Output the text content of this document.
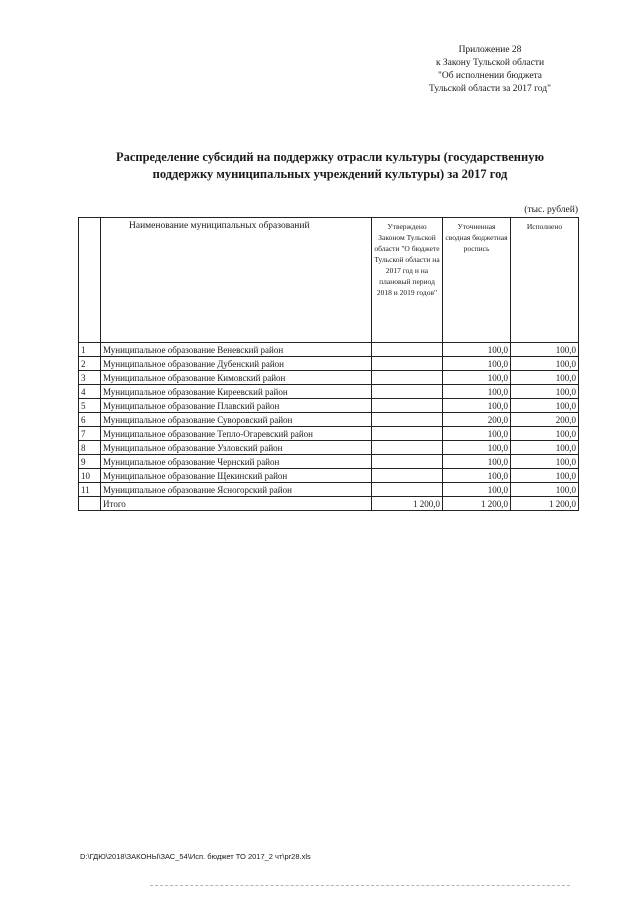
Приложение 28
к Закону Тульской области
"Об исполнении бюджета
Тульской области за 2017 год"
Распределение субсидий на поддержку отрасли культуры (государственную
поддержку муниципальных учреждений культуры) за 2017 год
(тыс. рублей)
	Наименование муниципальных образований	Утверждено Законом Тульской области "О бюджете Тульской области на 2017 год и на плановый период 2018 и 2019 годов"	Уточненная сводная бюджетная роспись	Исполнено
1	Муниципальное образование Веневский район		100,0	100,0
2	Муниципальное образование Дубенский район		100,0	100,0
3	Муниципальное образование Кимовский район		100,0	100,0
4	Муниципальное образование Киреевский район		100,0	100,0
5	Муниципальное образование Плавский район		100,0	100,0
6	Муниципальное образование Суворовский район		200,0	200,0
7	Муниципальное образование Тепло-Огаревский район		100,0	100,0
8	Муниципальное образование Узловский район		100,0	100,0
9	Муниципальное образование Чернский район		100,0	100,0
10	Муниципальное образование Щекинский район		100,0	100,0
11	Муниципальное образование Ясногорский район		100,0	100,0
	Итого	1 200,0	1 200,0	1 200,0
D:\ГДЮ\2018\ЗАКОНЫ\ЗАС_54\Исп. бюджет ТО 2017_2 чт\pr28.xls
